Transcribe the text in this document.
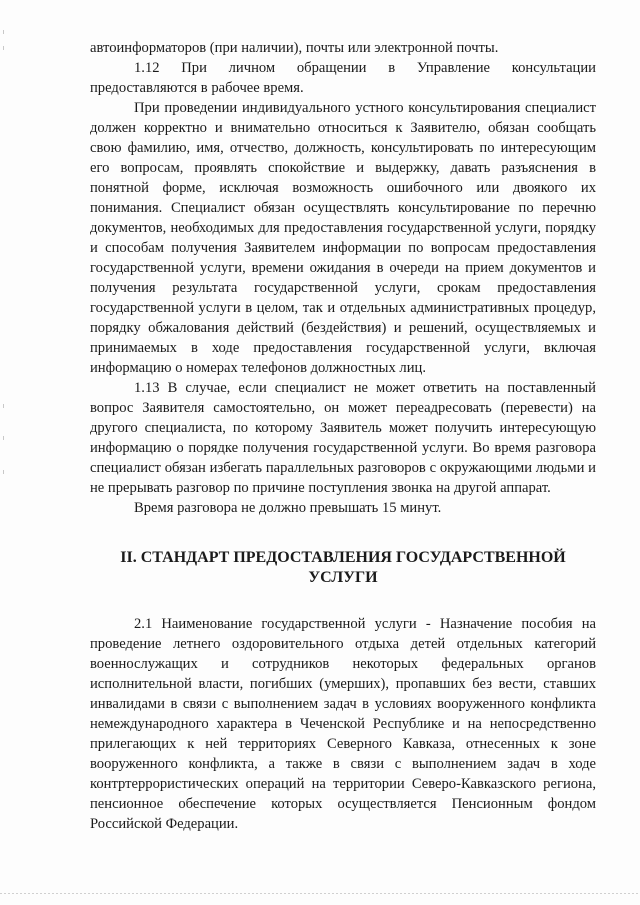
автоинформаторов (при наличии), почты или электронной почты.

1.12 При личном обращении в Управление консультации предоставляются в рабочее время.

При проведении индивидуального устного консультирования специалист должен корректно и внимательно относиться к Заявителю, обязан сообщать свою фамилию, имя, отчество, должность, консультировать по интересующим его вопросам, проявлять спокойствие и выдержку, давать разъяснения в понятной форме, исключая возможность ошибочного или двоякого их понимания. Специалист обязан осуществлять консультирование по перечню документов, необходимых для предоставления государственной услуги, порядку и способам получения Заявителем информации по вопросам предоставления государственной услуги, времени ожидания в очереди на прием документов и получения результата государственной услуги, срокам предоставления государственной услуги в целом, так и отдельных административных процедур, порядку обжалования действий (бездействия) и решений, осуществляемых и принимаемых в ходе предоставления государственной услуги, включая информацию о номерах телефонов должностных лиц.

1.13 В случае, если специалист не может ответить на поставленный вопрос Заявителя самостоятельно, он может переадресовать (перевести) на другого специалиста, по которому Заявитель может получить интересующую информацию о порядке получения государственной услуги. Во время разговора специалист обязан избегать параллельных разговоров с окружающими людьми и не прерывать разговор по причине поступления звонка на другой аппарат.

Время разговора не должно превышать 15 минут.

II. СТАНДАРТ ПРЕДОСТАВЛЕНИЯ ГОСУДАРСТВЕННОЙ УСЛУГИ

2.1 Наименование государственной услуги - Назначение пособия на проведение летнего оздоровительного отдыха детей отдельных категорий военнослужащих и сотрудников некоторых федеральных органов исполнительной власти, погибших (умерших), пропавших без вести, ставших инвалидами в связи с выполнением задач в условиях вооруженного конфликта немеждународного характера в Чеченской Республике и на непосредственно прилегающих к ней территориях Северного Кавказа, отнесенных к зоне вооруженного конфликта, а также в связи с выполнением задач в ходе контртеррористических операций на территории Северо-Кавказского региона, пенсионное обеспечение которых осуществляется Пенсионным фондом Российской Федерации.
